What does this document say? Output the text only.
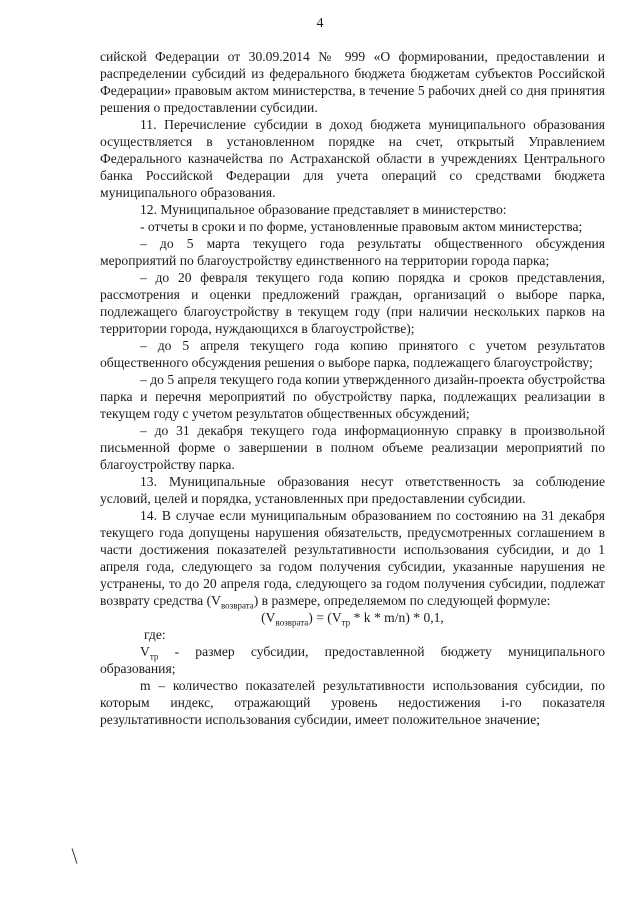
4

сийской Федерации от 30.09.2014 № 999 «О формировании, предоставлении и распределении субсидий из федерального бюджета бюджетам субъектов Российской Федерации» правовым актом министерства, в течение 5 рабочих дней со дня принятия решения о предоставлении субсидии.

11. Перечисление субсидии в доход бюджета муниципального образования осуществляется в установленном порядке на счет, открытый Управлением Федерального казначейства по Астраханской области в учреждениях Центрального банка Российской Федерации для учета операций со средствами бюджета муниципального образования.

12. Муниципальное образование представляет в министерство:

- отчеты в сроки и по форме, установленные правовым актом министерства;

– до 5 марта текущего года результаты общественного обсуждения мероприятий по благоустройству единственного на территории города парка;

– до 20 февраля текущего года копию порядка и сроков представления, рассмотрения и оценки предложений граждан, организаций о выборе парка, подлежащего благоустройству в текущем году (при наличии нескольких парков на территории города, нуждающихся в благоустройстве);

– до 5 апреля текущего года копию принятого с учетом результатов общественного обсуждения решения о выборе парка, подлежащего благоустройству;

– до 5 апреля текущего года копии утвержденного дизайн-проекта обустройства парка и перечня мероприятий по обустройству парка, подлежащих реализации в текущем году с учетом результатов общественных обсуждений;

– до 31 декабря текущего года информационную справку в произвольной письменной форме о завершении в полном объеме реализации мероприятий по благоустройству парка.

13. Муниципальные образования несут ответственность за соблюдение условий, целей и порядка, установленных при предоставлении субсидии.

14. В случае если муниципальным образованием по состоянию на 31 декабря текущего года допущены нарушения обязательств, предусмотренных соглашением в части достижения показателей результативности использования субсидии, и до 1 апреля года, следующего за годом получения субсидии, указанные нарушения не устранены, то до 20 апреля года, следующего за годом получения субсидии, подлежат возврату средства $(V_{возврата})$ в размере, определяемом по следующей формуле:

$(V_{возврата}) = (V_{тр} * k * m/n) * 0,1$,

где:

$V_{тр}$ - размер субсидии, предоставленной бюджету муниципального образования;

m – количество показателей результативности использования субсидии, по которым индекс, отражающий уровень недостижения i-го показателя результативности использования субсидии, имеет положительное значение;
